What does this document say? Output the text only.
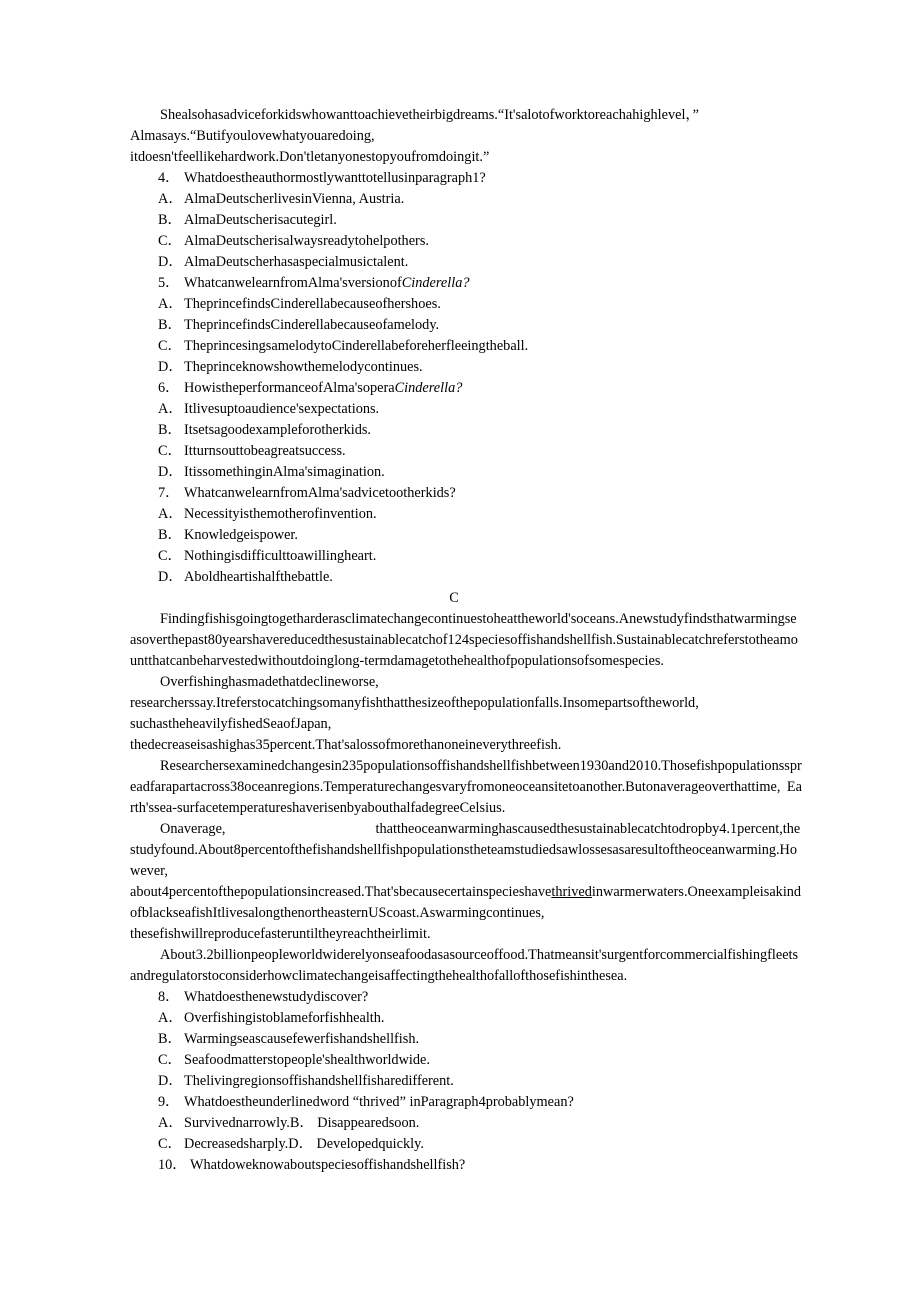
Shealsohasadviceforkidswhowanttoachievetheirbigdreams.“It'salotofworktoreachahighlevel，”

Almasays.“Butifyoulovewhatyouaredoing,

itdoesn'tfeellikehardwork.Don'tletanyonestopyoufromdoingit.”

4． Whatdoestheauthormostlywanttotellusinparagraph1?

A．AlmaDeutscherlivesinVienna, Austria.

B． AlmaDeutscherisacutegirl.

C． AlmaDeutscherisalwaysreadytohelpothers.

D．AlmaDeutscherhasaspecialmusictalent.

5． WhatcanwelearnfromAlma'sversionofCinderella?

A．TheprincefindsCinderellabecauseofhershoes.

B． TheprincefindsCinderellabecauseofamelody.

C． TheprincesingsamelodytoCinderellabeforeherfleeingtheball.

D．Theprinceknowshowthemelodycontinues.

6． HowistheperformanceofAlma'soperaCinderella?

A．Itlivesuptoaudience'sexpectations.

B． Itsetsagoodexampleforotherkids.

C． Itturnsouttobeagreatsuccess.

D．ItissomethinginAlma'simagination.

7． WhatcanwelearnfromAlma'sadvicetootherkids?

A．Necessityisthemotherofinvention.

B． Knowledgeispower.

C． Nothingisdifficulttoawillingheart.

D．Aboldheartishalfthebattle.

C

Findingfishisgoingtogetharderasclimatechangecontinuestoheattheworld'soceans.Anewstudyfindsthatwarmingseasoverthepast80yearshavereducedthesustainablecatchof124speciesoffishandshellfish.Sustainablecatchreferstotheamountthatcanbeharvestedwithoutdoinglong-termdamagetothehealthofpopulationsofsomespecies.

Overfishinghasmadethatdeclineworse,

researcherssay.Itreferstocatchingsomanyfishthatthesizeofthepopulationfalls.Insomepartsoftheworld,

suchastheheavilyfishedSeaofJapan,

thedecreaseisashighas35percent.That'salossofmorethanoneineverythreefish.

Researchersexaminedchangesin235populationsoffishandshellfishbetween1930and2010.Thosefishpopulationsspreadfarapartacross38oceanregions.Temperaturechangesvaryfromoneoceansitetoanother.Butonaverageoverthattime, Earth'ssea-surfacetemperatureshaverisenbyabouthalfadegreeCelsius.

Onaverage,	thattheoceanwarminghascausedthesustainablecatchtodropby4.1percent,thestudyfound.About8percentofthefishandshellfishpopulationstheteamstudiedsawlossesasaresultoftheoceanwarming.However,

about4percentofthepopulationsincreased.That'sbecausecertainspecieshavethrivedinwarmerwaters.OneexampleisakindofblackseafishItlivesalongthenortheasternUScoast.Aswarmingcontinues,

thesefishwillreproducefasteruntiltheyreachtheirlimit.

About3.2billionpeopleworldwiderelyonseafoodasasourceoffood.Thatmeansit'surgentforcommercialfishingfleetsandregulatorstoconsiderhowclimatechangeisaffectingthehealthofallofthosefishinthesea.

8． Whatdoesthenewstudydiscover?

A．Overfishingistoblameforfishhealth.

B． Warmingseascausefewerfishandshellfish.

C． Seafoodmatterstopeople'shealthworldwide.

D．Thelivingregionsoffishandshellfisharedifferent.

9． Whatdoestheunderlinedword “thrived” inParagraph4probablymean?

A．Survivednarrowly.B． Disappearedsoon.

C． Decreasedsharply.D． Developedquickly.

10． Whatdoweknowaboutspeciesoffishandshellfish?
